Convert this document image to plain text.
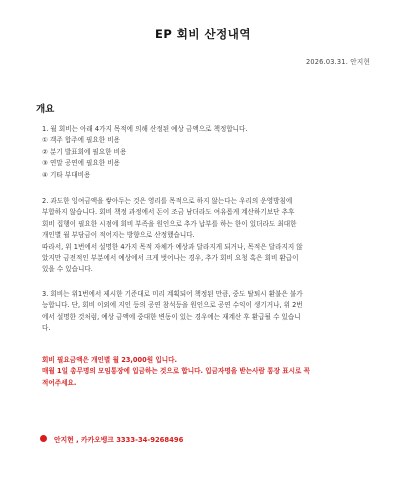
EP 회비 산정내역
2026.03.31. 안지현
개요
1. 월 회비는 아래 4가지 목적에 의해 산정된 예상 금액으로 책정합니다.
① 객주 합주에 필요한 비용
② 분기 발표회에 필요한 비용
③ 연말 공연에 필요한 비용
④ 기타 부대비용
2. 과도한 잉여금액을 쌓아두는 것은 영리를 목적으로 하지 않는다는 우리의 운영방침에
부합하지 않습니다. 회비 책정 과정에서 돈이 조금 남더라도 여유롭게 계산하기보단 추후
회비 집행이 필요한 시점에 회비 부족을 원인으로 추가 납부를 하는 한이 있더라도 최대한
개인별 월 부담금이 적어지는 방향으로 산정했습니다.
따라서, 위 1번에서 설명한 4가지 목적 자체가 예상과 달라지게 되거나, 목적은 달라지지 않
았지만 금전적인 부분에서 예상에서 크게 벗어나는 경우, 추가 회비 요청 혹은 회비 환급이
있을 수 있습니다.
3. 회비는 위1번에서 제시한 기준대로 미리 계획되어 책정된 만큼, 중도 탈퇴시 환불은 불가
능합니다. 단, 회비 이외에 지인 등의 공연 참석등을 원인으로 공연 수익이 생기거나, 위 2번
에서 설명한 것처럼, 예상 금액에 중대한 변동이 있는 경우에는 재계산 후 환급될 수 있습니
다.
회비 필요금액은 개인별 월 23,000원 입니다.
매월 1일 총무명의 모임통장에 입금하는 것으로 합니다. 입금자명을 받는사람 통장 표시로 꼭
적어주세요.
안지현 , 카카오뱅크 3333-34-9268496
